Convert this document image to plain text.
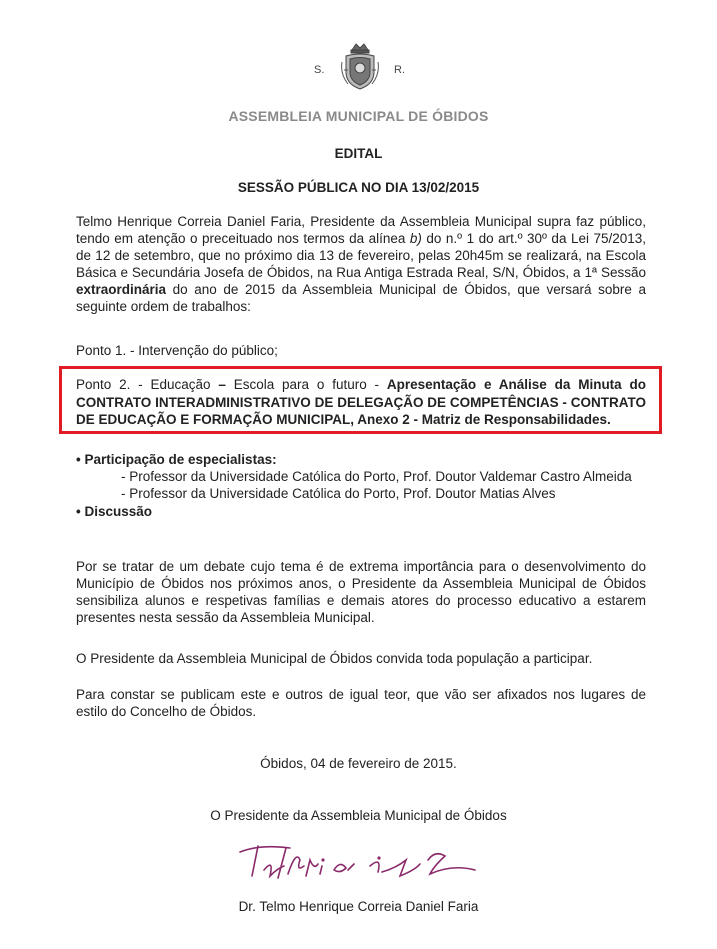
S.	R.
ASSEMBLEIA MUNICIPAL DE ÓBIDOS
EDITAL
SESSÃO PÚBLICA NO DIA 13/02/2015
Telmo Henrique Correia Daniel Faria, Presidente da Assembleia Municipal supra faz público, tendo em atenção o preceituado nos termos da alínea b) do n.º 1 do art.º 30º da Lei 75/2013, de 12 de setembro, que no próximo dia 13 de fevereiro, pelas 20h45m se realizará, na Escola Básica e Secundária Josefa de Óbidos, na Rua Antiga Estrada Real, S/N, Óbidos, a 1ª Sessão extraordinária do ano de 2015 da Assembleia Municipal de Óbidos, que versará sobre a seguinte ordem de trabalhos:
Ponto 1. - Intervenção do público;
Ponto 2. - Educação – Escola para o futuro - Apresentação e Análise da Minuta do CONTRATO INTERADMINISTRATIVO DE DELEGAÇÃO DE COMPETÊNCIAS - CONTRATO DE EDUCAÇÃO E FORMAÇÃO MUNICIPAL, Anexo 2 - Matriz de Responsabilidades.
• Participação de especialistas:
- Professor da Universidade Católica do Porto, Prof. Doutor Valdemar Castro Almeida
- Professor da Universidade Católica do Porto, Prof. Doutor Matias Alves
• Discussão
Por se tratar de um debate cujo tema é de extrema importância para o desenvolvimento do Município de Óbidos nos próximos anos, o Presidente da Assembleia Municipal de Óbidos sensibiliza alunos e respetivas famílias e demais atores do processo educativo a estarem presentes nesta sessão da Assembleia Municipal.
O Presidente da Assembleia Municipal de Óbidos convida toda população a participar.
Para constar se publicam este e outros de igual teor, que vão ser afixados nos lugares de estilo do Concelho de Óbidos.
Óbidos, 04 de fevereiro de 2015.
O Presidente da Assembleia Municipal de Óbidos
Dr. Telmo Henrique Correia Daniel Faria
